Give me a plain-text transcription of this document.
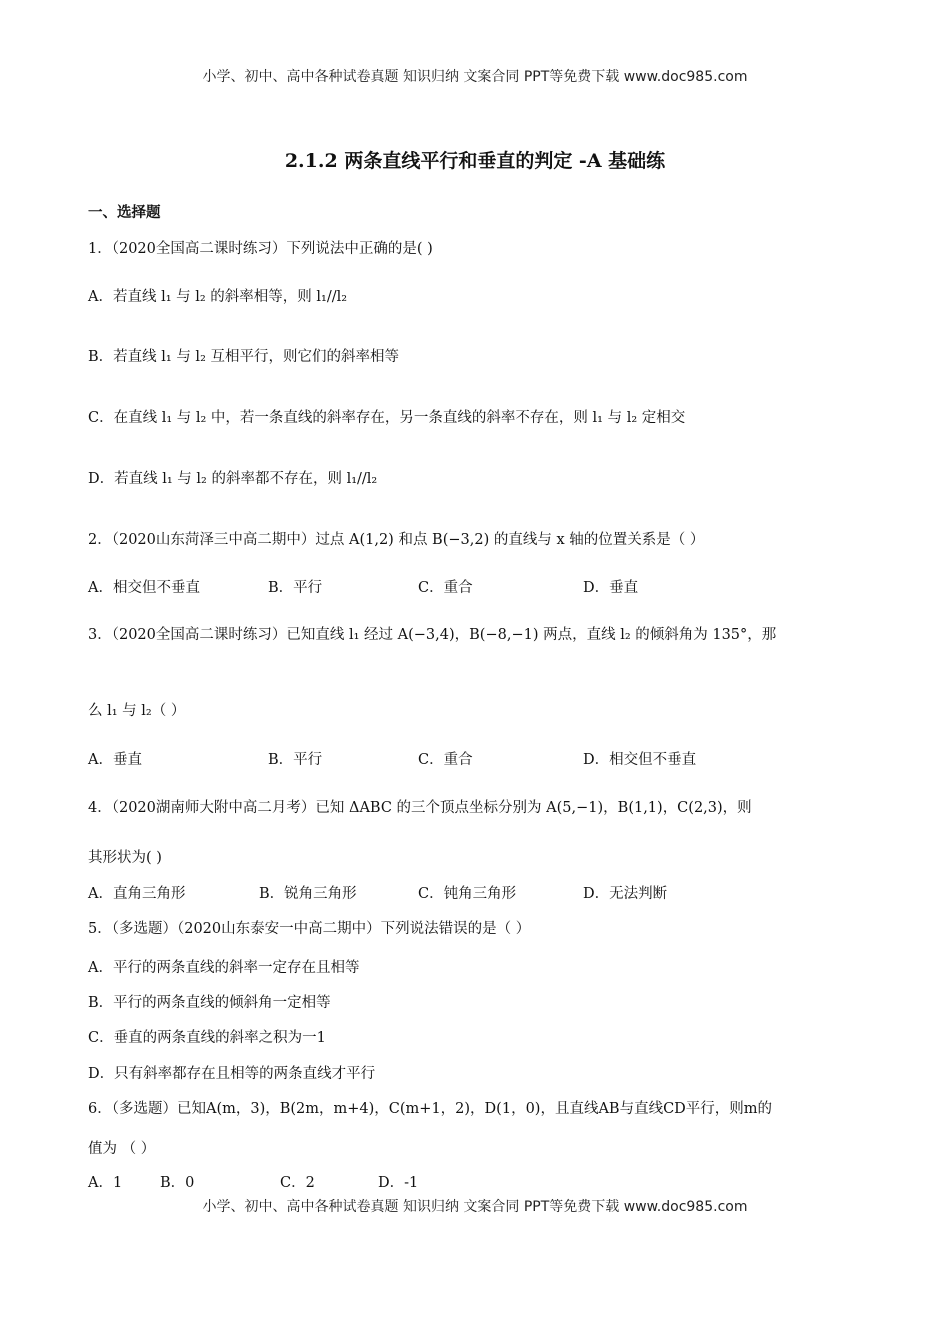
小学、初中、高中各种试卷真题 知识归纳 文案合同 PPT等免费下载 www.doc985.com
2.1.2 两条直线平行和垂直的判定 -A 基础练
一、选择题
1．（2020全国高二课时练习）下列说法中正确的是( )
A．若直线 l₁ 与 l₂ 的斜率相等，则 l₁//l₂
B．若直线 l₁ 与 l₂ 互相平行，则它们的斜率相等
C．在直线 l₁ 与 l₂ 中，若一条直线的斜率存在，另一条直线的斜率不存在，则 l₁ 与 l₂ 定相交
D．若直线 l₁ 与 l₂ 的斜率都不存在，则 l₁//l₂
2．（2020山东菏泽三中高二期中）过点 A(1,2) 和点 B(−3,2) 的直线与 x 轴的位置关系是（ ）
A．相交但不垂直	B．平行	C．重合	D．垂直
3．（2020全国高二课时练习）已知直线 l₁ 经过 A(−3,4)，B(−8,−1) 两点，直线 l₂ 的倾斜角为 135°，那
么 l₁ 与 l₂（ ）
A．垂直	B．平行	C．重合	D．相交但不垂直
4．（2020湖南师大附中高二月考）已知 ΔABC 的三个顶点坐标分别为 A(5,−1)，B(1,1)，C(2,3)，则
其形状为( )
A．直角三角形	B．锐角三角形	C．钝角三角形	D．无法判断
5．（多选题）（2020山东泰安一中高二期中）下列说法错误的是（ ）
A．平行的两条直线的斜率一定存在且相等
B．平行的两条直线的倾斜角一定相等
C．垂直的两条直线的斜率之积为一1
D．只有斜率都存在且相等的两条直线才平行
6．（多选题）已知A(m，3)，B(2m，m+4)，C(m+1，2)，D(1，0)，且直线AB与直线CD平行，则m的
值为 （ ）
A．1	B．0	C．2	D．-1
小学、初中、高中各种试卷真题 知识归纳 文案合同 PPT等免费下载 www.doc985.com
